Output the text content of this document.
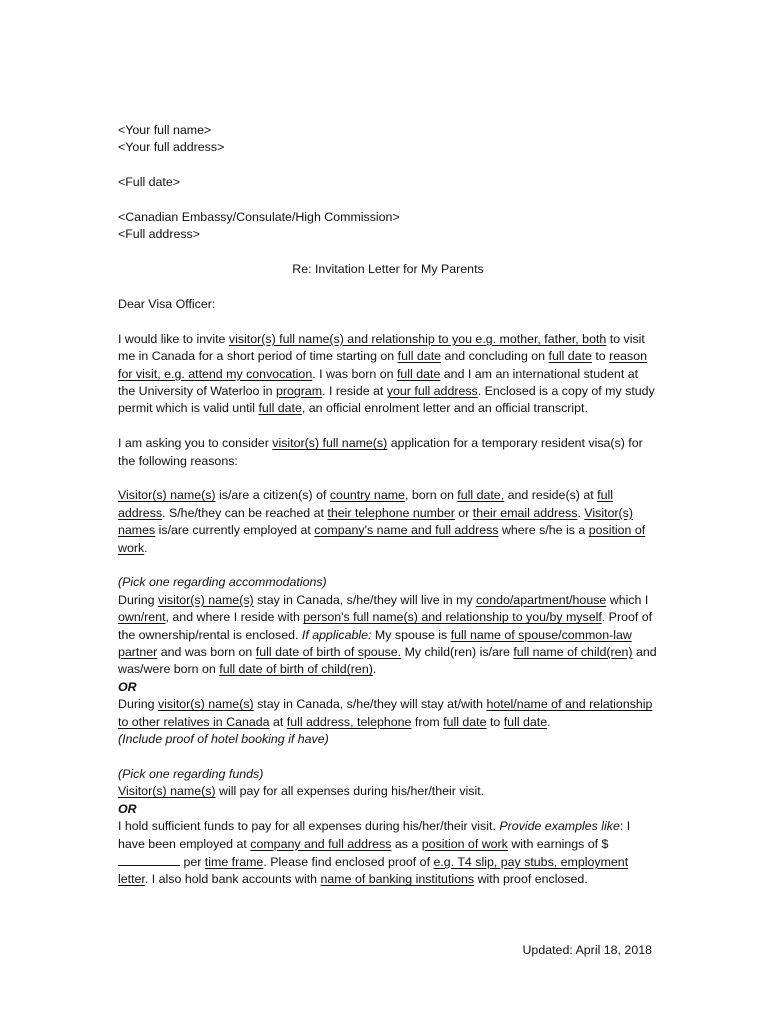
<Your full name>

<Your full address>

<Full date>

<Canadian Embassy/Consulate/High Commission>

<Full address>

Re: Invitation Letter for My Parents

Dear Visa Officer:

I would like to invite visitor(s) full name(s) and relationship to you e.g. mother, father, both to visit me in Canada for a short period of time starting on full date and concluding on full date to reason for visit, e.g. attend my convocation. I was born on full date and I am an international student at the University of Waterloo in program. I reside at your full address. Enclosed is a copy of my study permit which is valid until full date, an official enrolment letter and an official transcript.

I am asking you to consider visitor(s) full name(s) application for a temporary resident visa(s) for the following reasons:

Visitor(s) name(s) is/are a citizen(s) of country name, born on full date, and reside(s) at full address. S/he/they can be reached at their telephone number or their email address. Visitor(s) names is/are currently employed at company's name and full address where s/he is a position of work.

(Pick one regarding accommodations)

During visitor(s) name(s) stay in Canada, s/he/they will live in my condo/apartment/house which I own/rent, and where I reside with person's full name(s) and relationship to you/by myself. Proof of the ownership/rental is enclosed. If applicable: My spouse is full name of spouse/common-law partner and was born on full date of birth of spouse. My child(ren) is/are full name of child(ren) and was/were born on full date of birth of child(ren).

OR

During visitor(s) name(s) stay in Canada, s/he/they will stay at/with hotel/name of and relationship to other relatives in Canada at full address, telephone from full date to full date.

(Include proof of hotel booking if have)

(Pick one regarding funds)

Visitor(s) name(s) will pay for all expenses during his/her/their visit.

OR

I hold sufficient funds to pay for all expenses during his/her/their visit. Provide examples like: I have been employed at company and full address as a position of work with earnings of $ per time frame. Please find enclosed proof of e.g. T4 slip, pay stubs, employment letter. I also hold bank accounts with name of banking institutions with proof enclosed.

Updated: April 18, 2018
